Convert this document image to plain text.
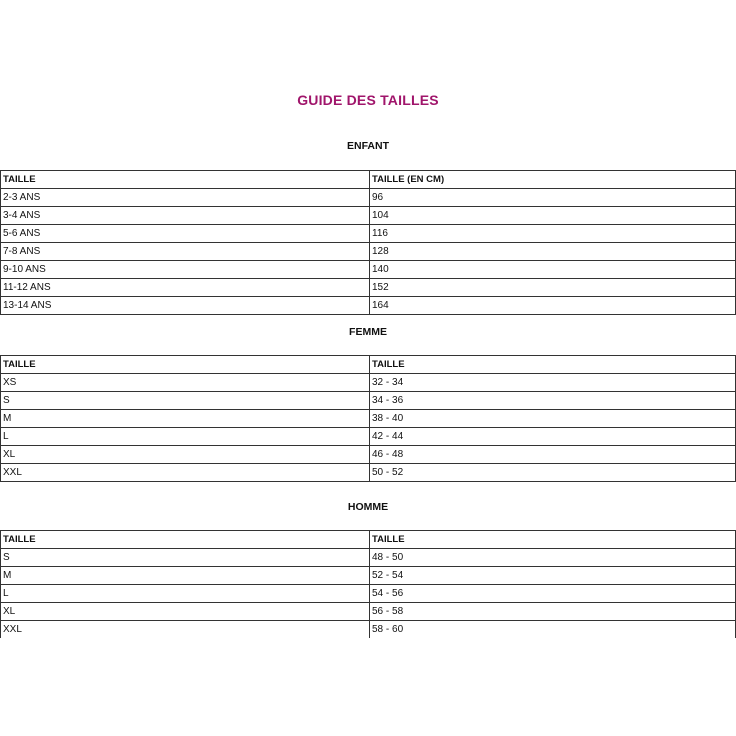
GUIDE DES TAILLES
ENFANT
TAILLE	TAILLE (EN CM)
2-3 ANS	96
3-4 ANS	104
5-6 ANS	116
7-8 ANS	128
9-10 ANS	140
11-12 ANS	152
13-14 ANS	164
FEMME
TAILLE	TAILLE
XS	32 - 34
S	34 - 36
M	38 - 40
L	42 - 44
XL	46 - 48
XXL	50 - 52
HOMME
TAILLE	TAILLE
S	48 - 50
M	52 - 54
L	54 - 56
XL	56 - 58
XXL	58 - 60
